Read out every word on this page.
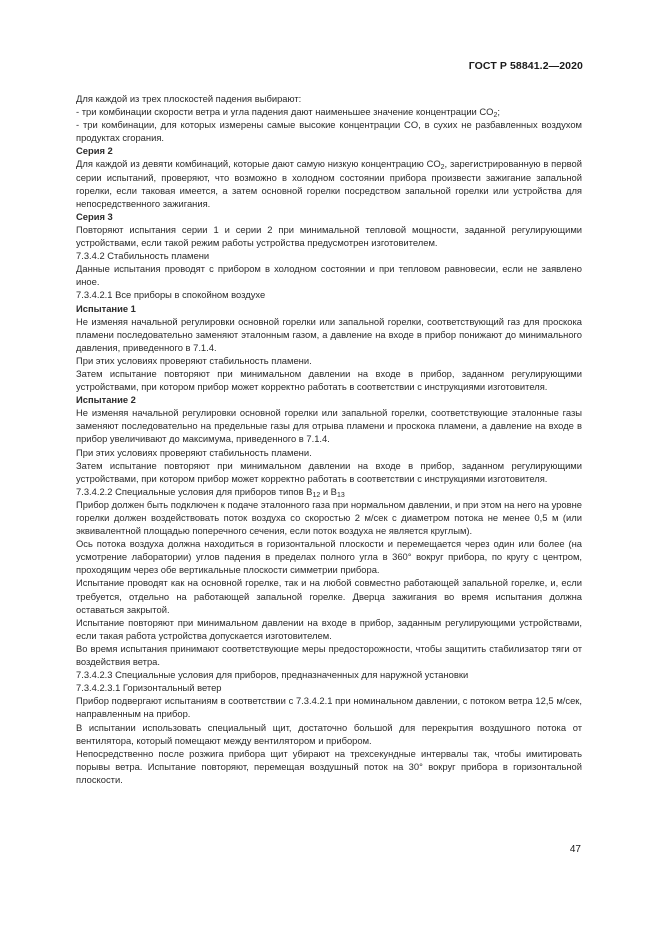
ГОСТ Р 58841.2—2020

Для каждой из трех плоскостей падения выбирают:

- три комбинации скорости ветра и угла падения дают наименьшее значение концентрации $CO_2$;

- три комбинации, для которых измерены самые высокие концентрации CO, в сухих не разбавленных воздухом продуктах сгорания.

Серия 2

Для каждой из девяти комбинаций, которые дают самую низкую концентрацию $CO_2$, зарегистрированную в первой серии испытаний, проверяют, что возможно в холодном состоянии прибора произвести зажигание запальной горелки, если таковая имеется, а затем основной горелки посредством запальной горелки или устройства для непосредственного зажигания.

Серия 3

Повторяют испытания серии 1 и серии 2 при минимальной тепловой мощности, заданной регулирующими устройствами, если такой режим работы устройства предусмотрен изготовителем.

7.3.4.2 Стабильность пламени

Данные испытания проводят с прибором в холодном состоянии и при тепловом равновесии, если не заявлено иное.

7.3.4.2.1 Все приборы в спокойном воздухе

Испытание 1

Не изменяя начальной регулировки основной горелки или запальной горелки, соответствующий газ для проскока пламени последовательно заменяют эталонным газом, а давление на входе в прибор понижают до минимального давления, приведенного в 7.1.4.

При этих условиях проверяют стабильность пламени.

Затем испытание повторяют при минимальном давлении на входе в прибор, заданном регулирующими устройствами, при котором прибор может корректно работать в соответствии с инструкциями изготовителя.

Испытание 2

Не изменяя начальной регулировки основной горелки или запальной горелки, соответствующие эталонные газы заменяют последовательно на предельные газы для отрыва пламени и проскока пламени, а давление на входе в прибор увеличивают до максимума, приведенного в 7.1.4.

При этих условиях проверяют стабильность пламени.

Затем испытание повторяют при минимальном давлении на входе в прибор, заданном регулирующими устройствами, при котором прибор может корректно работать в соответствии с инструкциями изготовителя.

7.3.4.2.2 Специальные условия для приборов типов $B_{12}$ и $B_{13}$

Прибор должен быть подключен к подаче эталонного газа при нормальном давлении, и при этом на него на уровне горелки должен воздействовать поток воздуха со скоростью 2 м/сек с диаметром потока не менее 0,5 м (или эквивалентной площадью поперечного сечения, если поток воздуха не является круглым).

Ось потока воздуха должна находиться в горизонтальной плоскости и перемещается через один или более (на усмотрение лаборатории) углов падения в пределах полного угла в 360° вокруг прибора, по кругу с центром, проходящим через обе вертикальные плоскости симметрии прибора.

Испытание проводят как на основной горелке, так и на любой совместно работающей запальной горелке, и, если требуется, отдельно на работающей запальной горелке. Дверца зажигания во время испытания должна оставаться закрытой.

Испытание повторяют при минимальном давлении на входе в прибор, заданным регулирующими устройствами, если такая работа устройства допускается изготовителем.

Во время испытания принимают соответствующие меры предосторожности, чтобы защитить стабилизатор тяги от воздействия ветра.

7.3.4.2.3 Специальные условия для приборов, предназначенных для наружной установки

7.3.4.2.3.1 Горизонтальный ветер

Прибор подвергают испытаниям в соответствии с 7.3.4.2.1 при номинальном давлении, с потоком ветра 12,5 м/сек, направленным на прибор.

В испытании использовать специальный щит, достаточно большой для перекрытия воздушного потока от вентилятора, который помещают между вентилятором и прибором.

Непосредственно после розжига прибора щит убирают на трехсекундные интервалы так, чтобы имитировать порывы ветра. Испытание повторяют, перемещая воздушный поток на 30° вокруг прибора в горизонтальной плоскости.

47
